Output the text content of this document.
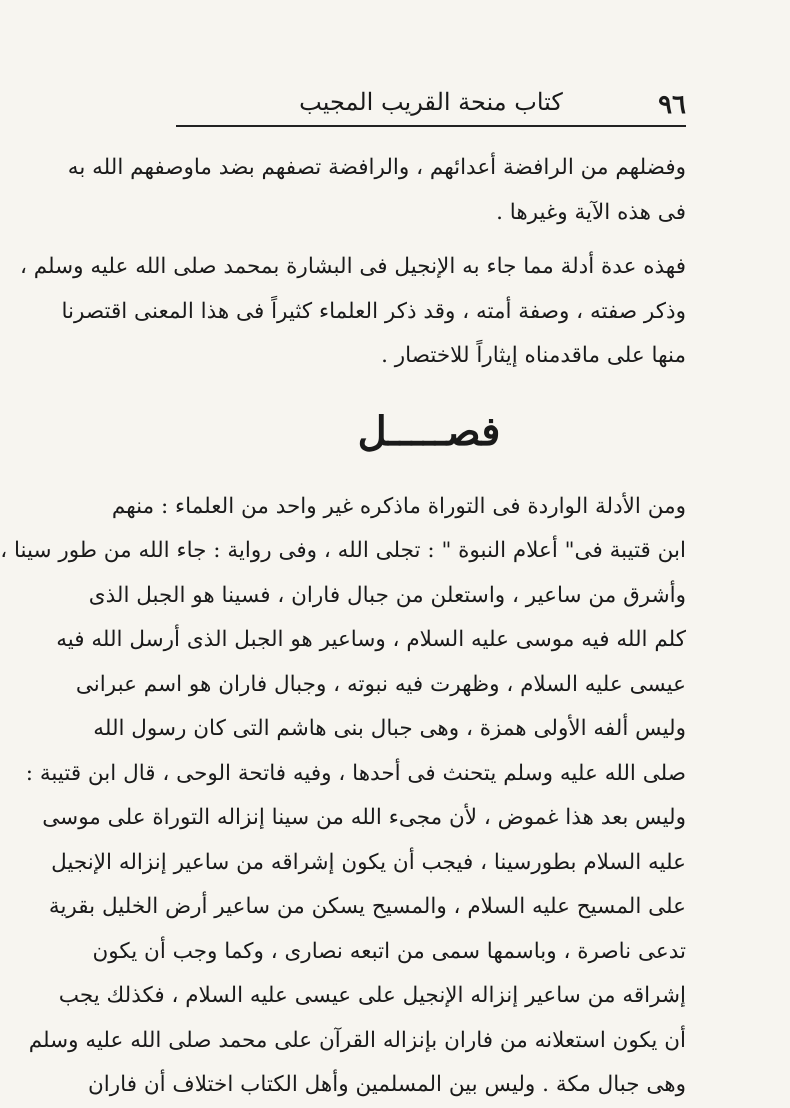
٩٦
كتاب منحة القريب المجيب
وفضلهم من الرافضة أعدائهم ، والرافضة تصفهم بضد ماوصفهم الله به
فى هذه الآية وغيرها .
فهذه عدة أدلة مما جاء به الإنجيل فى البشارة بمحمد صلى الله عليه وسلم ،
وذكر صفته ، وصفة أمته ، وقد ذكر العلماء كثيراً فى هذا المعنى اقتصرنا
منها على ماقدمناه إيثاراً للاختصار .
فصـــــل
ومن الأدلة الواردة فى التوراة ماذكره غير واحد من العلماء : منهم
ابن قتيبة فى" أعلام النبوة " : تجلى الله ، وفى رواية : جاء الله من طور سينا ،
وأشرق من ساعير ، واستعلن من جبال فاران ، فسينا هو الجبل الذى
كلم الله فيه موسى عليه السلام ، وساعير هو الجبل الذى أرسل الله فيه
عيسى عليه السلام ، وظهرت فيه نبوته ، وجبال فاران هو اسم عبرانى
وليس ألفه الأولى همزة ، وهى جبال بنى هاشم التى كان رسول الله
صلى الله عليه وسلم يتحنث فى أحدها ، وفيه فاتحة الوحى ، قال ابن قتيبة :
وليس بعد هذا غموض ، لأن مجىء الله من سينا إنزاله التوراة على موسى
عليه السلام بطورسينا ، فيجب أن يكون إشراقه من ساعير إنزاله الإنجيل
على المسيح عليه السلام ، والمسيح يسكن من ساعير أرض الخليل بقرية
تدعى ناصرة ، وباسمها سمى من اتبعه نصارى ، وكما وجب أن يكون
إشراقه من ساعير إنزاله الإنجيل على عيسى عليه السلام ، فكذلك يجب
أن يكون استعلانه من فاران بإنزاله القرآن على محمد صلى الله عليه وسلم
وهى جبال مكة . وليس بين المسلمين وأهل الكتاب اختلاف أن فاران
